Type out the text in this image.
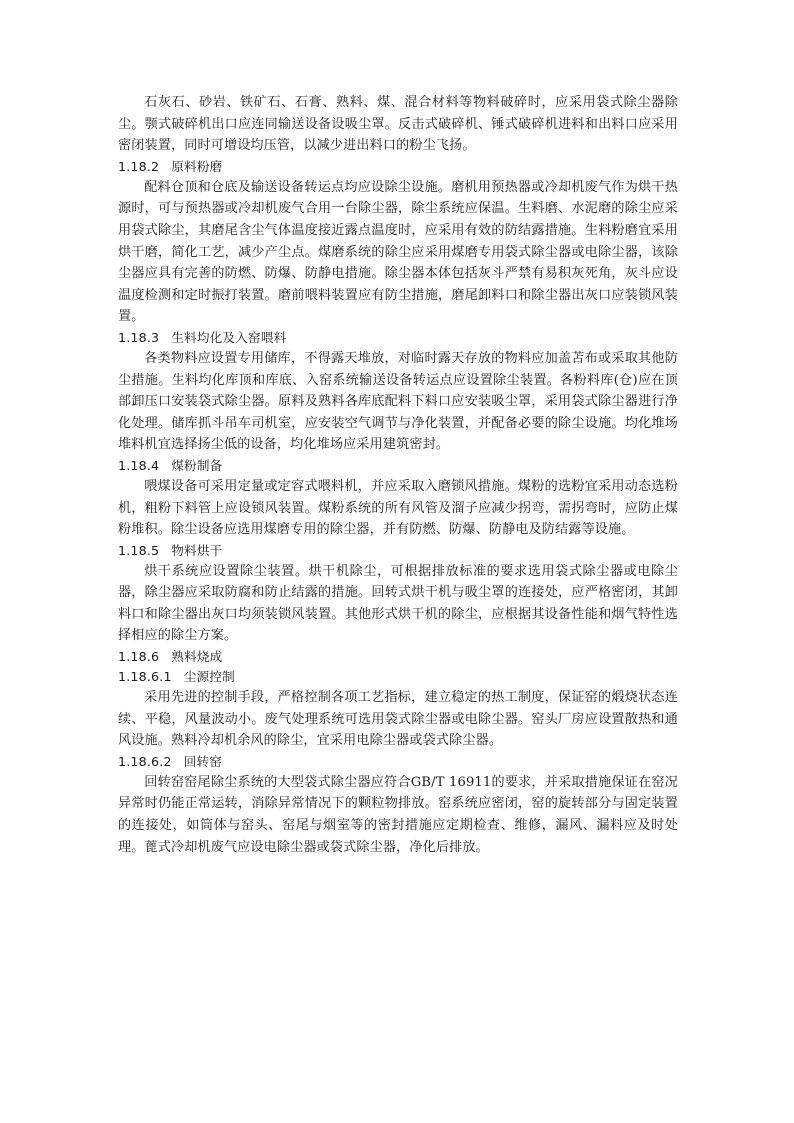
石灰石、砂岩、铁矿石、石膏、熟料、煤、混合材料等物料破碎时，应采用袋式除尘器除尘。颚式破碎机出口应连同输送设备设吸尘罩。反击式破碎机、锤式破碎机进料和出料口应采用密闭装置，同时可增设均压管，以减少进出料口的粉尘飞扬。

1.18.2 原料粉磨

配料仓顶和仓底及输送设备转运点均应设除尘设施。磨机用预热器或冷却机废气作为烘干热源时，可与预热器或冷却机废气合用一台除尘器，除尘系统应保温。生料磨、水泥磨的除尘应采用袋式除尘，其磨尾含尘气体温度接近露点温度时，应采用有效的防结露措施。生料粉磨宜采用烘干磨，简化工艺，减少产尘点。煤磨系统的除尘应采用煤磨专用袋式除尘器或电除尘器，该除尘器应具有完善的防燃、防爆、防静电措施。除尘器本体包括灰斗严禁有易积灰死角，灰斗应设温度检测和定时振打装置。磨前喂料装置应有防尘措施，磨尾卸料口和除尘器出灰口应装锁风装置。

1.18.3 生料均化及入窑喂料

各类物料应设置专用储库，不得露天堆放，对临时露天存放的物料应加盖苫布或采取其他防尘措施。生料均化库顶和库底、入窑系统输送设备转运点应设置除尘装置。各粉料库(仓)应在顶部卸压口安装袋式除尘器。原料及熟料各库底配料下料口应安装吸尘罩，采用袋式除尘器进行净化处理。储库抓斗吊车司机室，应安装空气调节与净化装置，并配备必要的除尘设施。均化堆场堆料机宜选择扬尘低的设备，均化堆场应采用建筑密封。

1.18.4 煤粉制备

喂煤设备可采用定量或定容式喂料机，并应采取入磨锁风措施。煤粉的选粉宜采用动态选粉机，粗粉下料管上应设锁风装置。煤粉系统的所有风管及溜子应减少拐弯，需拐弯时，应防止煤粉堆积。除尘设备应选用煤磨专用的除尘器，并有防燃、防爆、防静电及防结露等设施。

1.18.5 物料烘干

烘干系统应设置除尘装置。烘干机除尘，可根据排放标准的要求选用袋式除尘器或电除尘器，除尘器应采取防腐和防止结露的措施。回转式烘干机与吸尘罩的连接处，应严格密闭，其卸料口和除尘器出灰口均须装锁风装置。其他形式烘干机的除尘，应根据其设备性能和烟气特性选择相应的除尘方案。

1.18.6 熟料烧成
1.18.6.1 尘源控制

采用先进的控制手段，严格控制各项工艺指标，建立稳定的热工制度，保证窑的煅烧状态连续、平稳，风量波动小。废气处理系统可选用袋式除尘器或电除尘器。窑头厂房应设置散热和通风设施。熟料冷却机余风的除尘，宜采用电除尘器或袋式除尘器。

1.18.6.2 回转窑

回转窑窑尾除尘系统的大型袋式除尘器应符合GB/T 16911的要求，并采取措施保证在窑况异常时仍能正常运转，消除异常情况下的颗粒物排放。窑系统应密闭，窑的旋转部分与固定装置的连接处，如筒体与窑头、窑尾与烟室等的密封措施应定期检查、维修，漏风、漏料应及时处理。蓖式冷却机废气应设电除尘器或袋式除尘器，净化后排放。
